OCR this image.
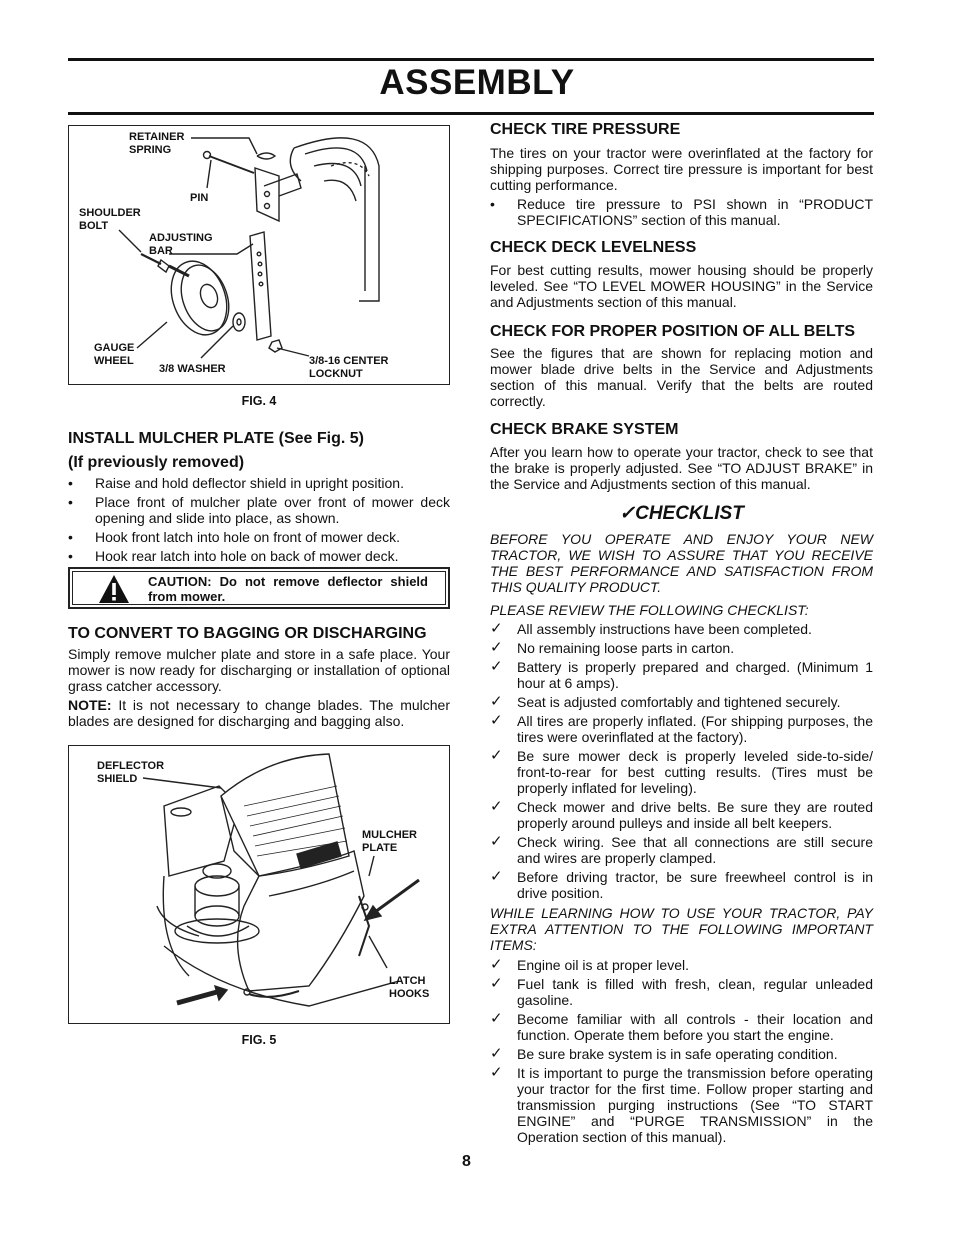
ASSEMBLY
RETAINER
SPRING
PIN
SHOULDER
BOLT
ADJUSTING
BAR
GAUGE
WHEEL
3/8 WASHER
3/8-16 CENTER
LOCKNUT
FIG. 4
INSTALL MULCHER PLATE (See Fig. 5)
(If previously removed)
• Raise and hold deflector shield in upright position.
• Place front of mulcher plate over front of mower deck opening and slide into place, as shown.
• Hook front latch into hole on front of mower deck.
• Hook rear latch into hole on back of mower deck.
CAUTION: Do not remove deflector shield from mower.
TO CONVERT TO BAGGING OR DISCHARGING

Simply remove mulcher plate and store in a safe place. Your mower is now ready for discharging or installation of optional grass catcher accessory.

NOTE: It is not necessary to change blades. The mulcher blades are designed for discharging and bagging also.

DEFLECTOR
SHIELD
MULCHER
PLATE
LATCH
HOOKS
FIG. 5
CHECK TIRE PRESSURE

The tires on your tractor were overinflated at the factory for shipping purposes. Correct tire pressure is important for best cutting performance.

• Reduce tire pressure to PSI shown in “PRODUCT SPECIFICATIONS” section of this manual.
CHECK DECK LEVELNESS

For best cutting results, mower housing should be properly leveled. See “TO LEVEL MOWER HOUSING” in the Service and Adjustments section of this manual.

CHECK FOR PROPER POSITION OF ALL BELTS

See the figures that are shown for replacing motion and mower blade drive belts in the Service and Adjustments section of this manual. Verify that the belts are routed correctly.

CHECK BRAKE SYSTEM

After you learn how to operate your tractor, check to see that the brake is properly adjusted. See “TO ADJUST BRAKE” in the Service and Adjustments section of this manual.

✓CHECKLIST

BEFORE YOU OPERATE AND ENJOY YOUR NEW TRACTOR, WE WISH TO ASSURE THAT YOU RECEIVE THE BEST PERFORMANCE AND SATISFACTION FROM THIS QUALITY PRODUCT.

PLEASE REVIEW THE FOLLOWING CHECKLIST:

✓ All assembly instructions have been completed.
✓ No remaining loose parts in carton.
✓ Battery is properly prepared and charged. (Minimum 1 hour at 6 amps).
✓ Seat is adjusted comfortably and tightened securely.
✓ All tires are properly inflated. (For shipping purposes, the tires were overinflated at the factory).
✓ Be sure mower deck is properly leveled side-to-side/ front-to-rear for best cutting results. (Tires must be properly inflated for leveling).
✓ Check mower and drive belts. Be sure they are routed properly around pulleys and inside all belt keepers.
✓ Check wiring. See that all connections are still secure and wires are properly clamped.
✓ Before driving tractor, be sure freewheel control is in drive position.

WHILE LEARNING HOW TO USE YOUR TRACTOR, PAY EXTRA ATTENTION TO THE FOLLOWING IMPORTANT ITEMS:

✓ Engine oil is at proper level.
✓ Fuel tank is filled with fresh, clean, regular unleaded gasoline.
✓ Become familiar with all controls - their location and function. Operate them before you start the engine.
✓ Be sure brake system is in safe operating condition.
✓ It is important to purge the transmission before operating your tractor for the first time. Follow proper starting and transmission purging instructions (See “TO START ENGINE” and “PURGE TRANSMISSION” in the Operation section of this manual).
8
